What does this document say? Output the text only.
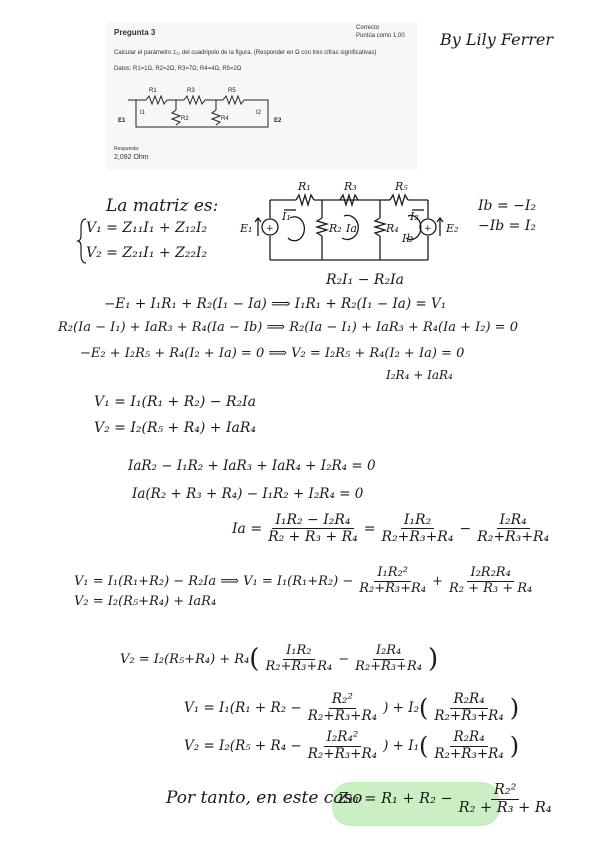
Pregunta 3	Correcto
Puntúa como 1,00
Calcular el parámetro z₁₁ del cuadripolo de la figura. (Responder en Ω con tres cifras significativas)
Datos: R1=1Ω, R2=2Ω, R3=7Ω, R4=4Ω, R5=2Ω
R1	R3	R5
R2	R4
I1	I2
E1	E2
Respuesta:
2,092 Ohm
By Lily Ferrer
La matriz es:
V₁ = Z₁₁I₁ + Z₁₂I₂
V₂ = Z₂₁I₁ + Z₂₂I₂
+	+
R₁	R₃	R₅
R₂	R₄
Ia
Ib
I₁	I₂
E₁	E₂
Ib = −I₂
−Ib = I₂
R₂I₁ − R₂Ia
−E₁ + I₁R₁ + R₂(I₁ − Ia) ⟹ I₁R₁ + R₂(I₁ − Ia) = V₁
R₂(Ia − I₁) + IaR₃ + R₄(Ia − Ib) ⟹ R₂(Ia − I₁) + IaR₃ + R₄(Ia + I₂) = 0
−E₂ + I₂R₅ + R₄(I₂ + Ia) = 0 ⟹ V₂ = I₂R₅ + R₄(I₂ + Ia) = 0
I₂R₄ + IaR₄
V₁ = I₁(R₁ + R₂) − R₂Ia
V₂ = I₂(R₅ + R₄) + IaR₄
IaR₂ − I₁R₂ + IaR₃ + IaR₄ + I₂R₄ = 0
Ia(R₂ + R₃ + R₄) − I₁R₂ + I₂R₄ = 0
$Ia = \frac{\text{I₁R₂ − I₂R₄}}{\text{R₂ + R₃ + R₄}} = \frac{\text{I₁R₂}}{\text{R₂+R₃+R₄}} - \frac{\text{I₂R₄}}{\text{R₂+R₃+R₄}}$
V₁ = I₁(R₁+R₂) − R₂Ia ⟹ $V_1 = I_1(R_1+R_2) - \frac{\text{I₁R₂²}}{\text{R₂+R₃+R₄}} + \frac{\text{I₂R₂R₄}}{\text{R₂ + R₃ + R₄}}$
V₂ = I₂(R₅+R₄) + IaR₄
V₂ = I₂(R₅+R₄) + R₄ ( $\frac{\text{I₁R₂}}{\text{R₂+R₃+R₄}} - \frac{\text{I₂R₄}}{\text{R₂+R₃+R₄}}$ )
$V_1 = I_1(R_1 + R_2 - \frac{\text{R₂²}}{\text{R₂+R₃+R₄}}$ ) + I₂ ( $\frac{\text{R₂R₄}}{\text{R₂+R₃+R₄}}$ )
$V_2 = I_2(R_5 + R_4 - \frac{\text{I₂R₄²}}{\text{R₂+R₃+R₄}}$ ) + I₁ ( $\frac{\text{R₂R₄}}{\text{R₂+R₃+R₄}}$ )
Por tanto, en este caso
$Z_{11} = R_1 + R_2 - \frac{\text{R₂²}}{\text{R₂ + R₃ + R₄}}$
